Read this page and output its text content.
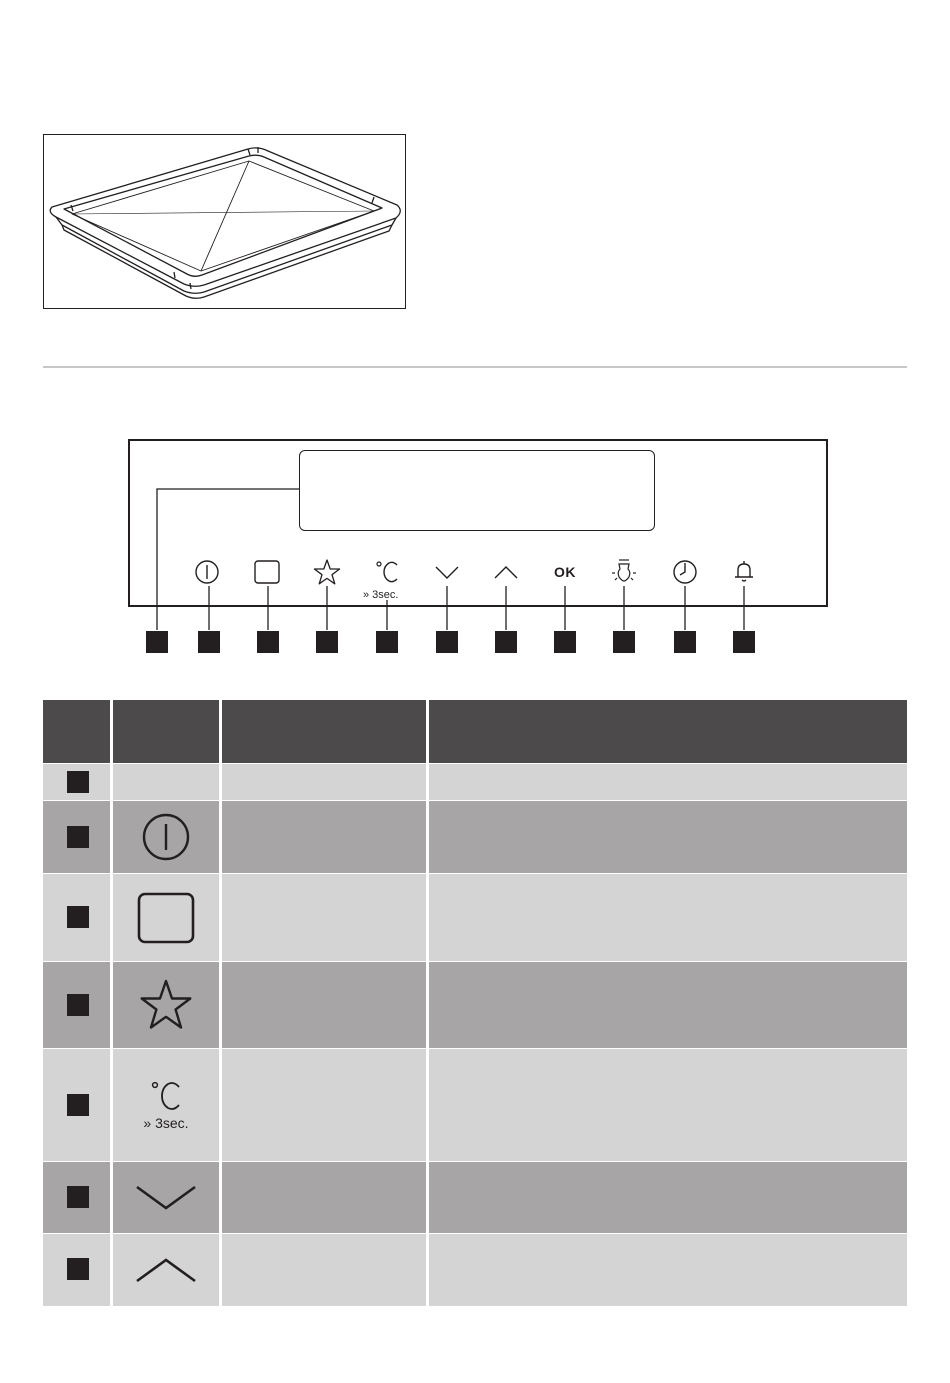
» 3sec.
OK
» 3sec.
